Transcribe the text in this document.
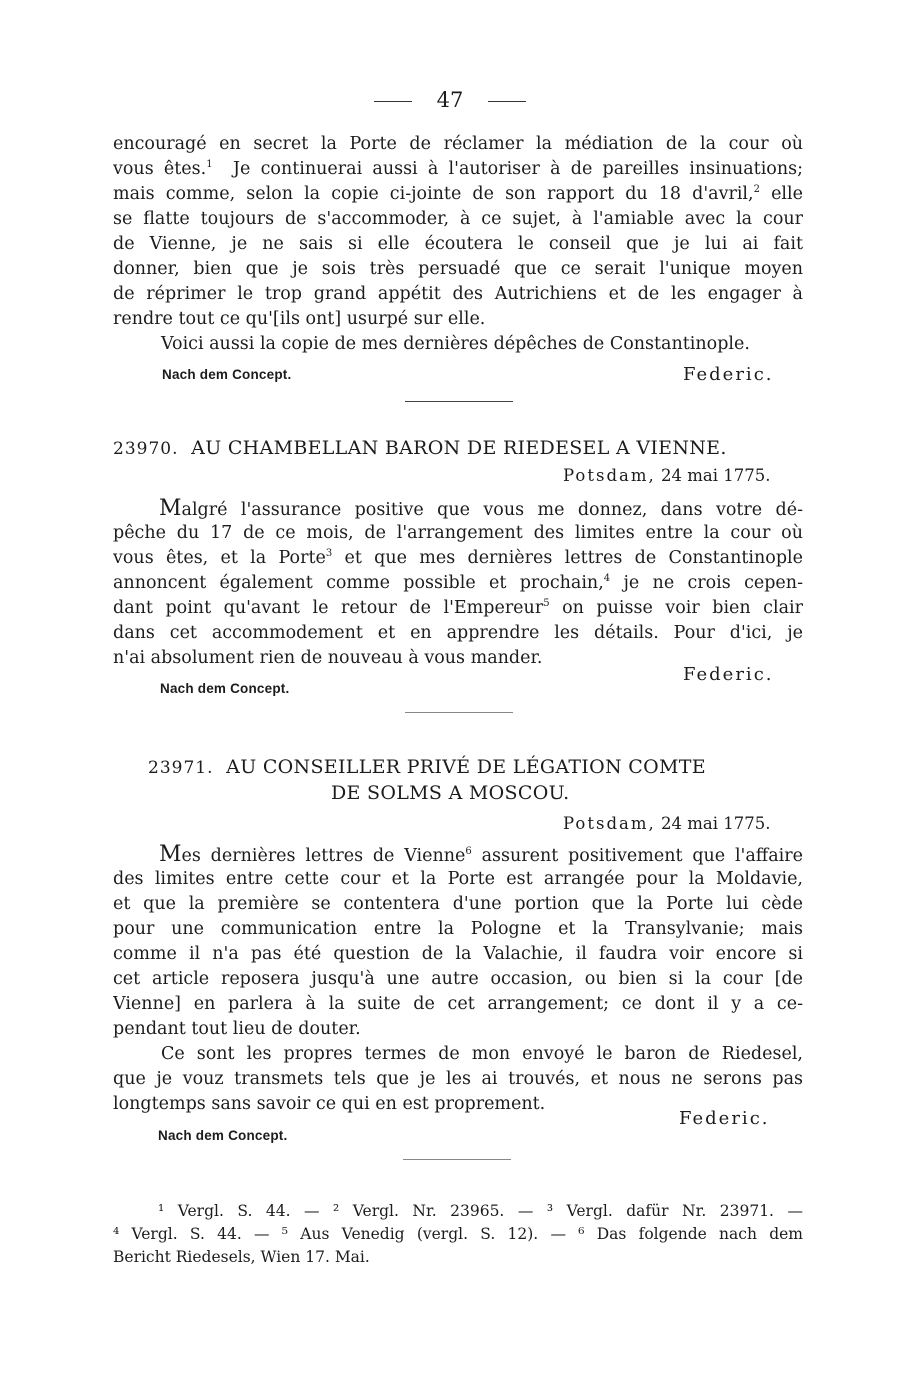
47
encouragé en secret la Porte de réclamer la médiation de la cour où
vous êtes.$^1$ Je continuerai aussi à l'autoriser à de pareilles insinuations;
mais comme, selon la copie ci-jointe de son rapport du 18 d'avril,$^2$ elle
se flatte toujours de s'accommoder, à ce sujet, à l'amiable avec la cour
de Vienne, je ne sais si elle écoutera le conseil que je lui ai fait
donner, bien que je sois très persuadé que ce serait l'unique moyen
de réprimer le trop grand appétit des Autrichiens et de les engager à
rendre tout ce qu'[ils ont] usurpé sur elle.
Voici aussi la copie de mes dernières dépêches de Constantinople.
Nach dem Concept.	Federic.
23970. AU CHAMBELLAN BARON DE RIEDESEL A VIENNE.
Potsdam, 24 mai 1775.
Malgré l'assurance positive que vous me donnez, dans votre dé-
pêche du 17 de ce mois, de l'arrangement des limites entre la cour où
vous êtes, et la Porte$^3$ et que mes dernières lettres de Constantinople
annoncent également comme possible et prochain,$^4$ je ne crois cepen-
dant point qu'avant le retour de l'Empereur$^5$ on puisse voir bien clair
dans cet accommodement et en apprendre les détails. Pour d'ici, je
n'ai absolument rien de nouveau à vous mander.
Federic.
Nach dem Concept.
23971. AU CONSEILLER PRIVÉ DE LÉGATION COMTE
DE SOLMS A MOSCOU.
Potsdam, 24 mai 1775.
Mes dernières lettres de Vienne$^6$ assurent positivement que l'affaire
des limites entre cette cour et la Porte est arrangée pour la Moldavie,
et que la première se contentera d'une portion que la Porte lui cède
pour une communication entre la Pologne et la Transylvanie; mais
comme il n'a pas été question de la Valachie, il faudra voir encore si
cet article reposera jusqu'à une autre occasion, ou bien si la cour [de
Vienne] en parlera à la suite de cet arrangement; ce dont il y a ce-
pendant tout lieu de douter.
Ce sont les propres termes de mon envoyé le baron de Riedesel,
que je vouz transmets tels que je les ai trouvés, et nous ne serons pas
longtemps sans savoir ce qui en est proprement.
Federic.
Nach dem Concept.
¹ Vergl. S. 44. — ² Vergl. Nr. 23965. — ³ Vergl. dafür Nr. 23971. —
⁴ Vergl. S. 44. — ⁵ Aus Venedig (vergl. S. 12). — ⁶ Das folgende nach dem
Bericht Riedesels, Wien 17. Mai.
